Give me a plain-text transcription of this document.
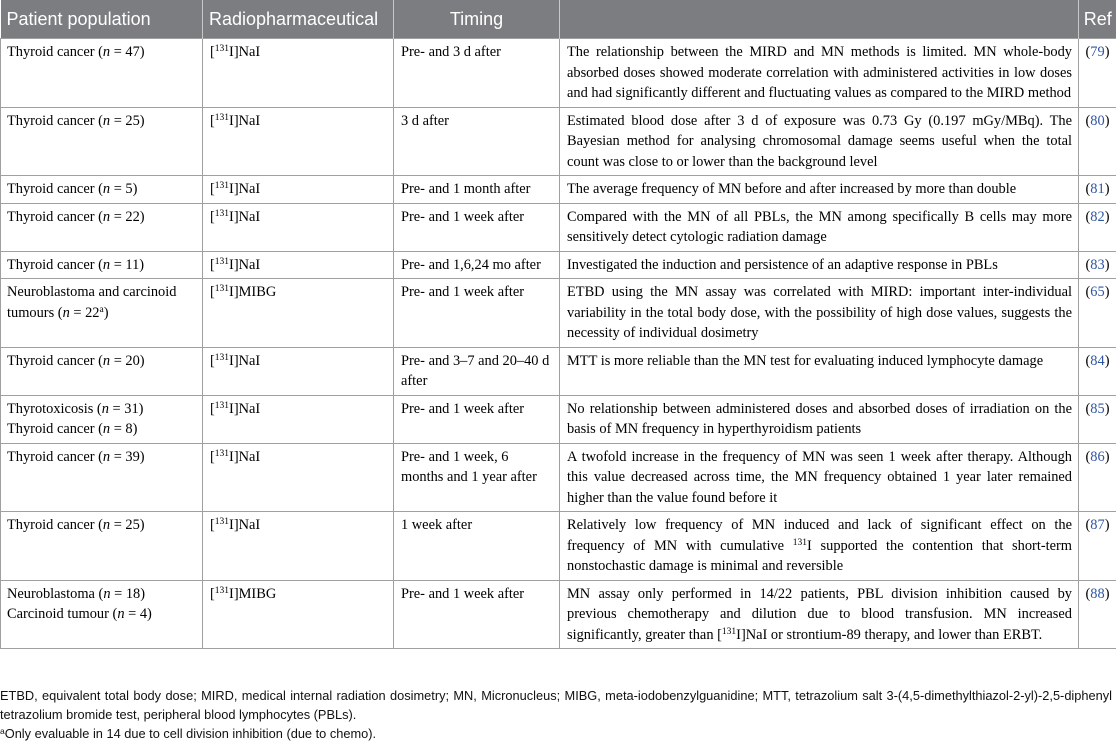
Patient population	Radiopharmaceutical	Timing		Ref

Thyroid cancer (n = 47)	[$^{131}$I]NaI	Pre- and 3 d after	The relationship between the MIRD and MN methods is limited. MN whole-body absorbed doses showed moderate correlation with administered activities in low doses and had significantly different and fluctuating values as compared to the MIRD method	(79)

Thyroid cancer (n = 25)	[$^{131}$I]NaI	3 d after	Estimated blood dose after 3 d of exposure was 0.73 Gy (0.197 mGy/MBq). The Bayesian method for analysing chromosomal damage seems useful when the total count was close to or lower than the background level	(80)

Thyroid cancer (n = 5)	[$^{131}$I]NaI	Pre- and 1 month after	The average frequency of MN before and after increased by more than double	(81)

Thyroid cancer (n = 22)	[$^{131}$I]NaI	Pre- and 1 week after	Compared with the MN of all PBLs, the MN among specifically B cells may more sensitively detect cytologic radiation damage	(82)

Thyroid cancer (n = 11)	[$^{131}$I]NaI	Pre- and 1,6,24 mo after	Investigated the induction and persistence of an adaptive response in PBLs	(83)

Neuroblastoma and carcinoid tumours $(n = 22^a)$	[$^{131}$I]MIBG	Pre- and 1 week after	ETBD using the MN assay was correlated with MIRD: important inter-individual variability in the total body dose, with the possibility of high dose values, suggests the necessity of individual dosimetry	(65)

Thyroid cancer (n = 20)	[$^{131}$I]NaI	Pre- and 3–7 and 20–40 d after	MTT is more reliable than the MN test for evaluating induced lymphocyte damage	(84)

Thyrotoxicosis (n = 31)
Thyroid cancer (n = 8)	[$^{131}$I]NaI	Pre- and 1 week after	No relationship between administered doses and absorbed doses of irradiation on the basis of MN frequency in hyperthyroidism patients	(85)

Thyroid cancer (n = 39)	[$^{131}$I]NaI	Pre- and 1 week, 6 months and 1 year after	A twofold increase in the frequency of MN was seen 1 week after therapy. Although this value decreased across time, the MN frequency obtained 1 year later remained higher than the value found before it	(86)

Thyroid cancer (n = 25)	[$^{131}$I]NaI	1 week after	Relatively low frequency of MN induced and lack of significant effect on the frequency of MN with cumulative $^{131}$I supported the contention that short-term nonstochastic damage is minimal and reversible	(87)

Neuroblastoma (n = 18)
Carcinoid tumour (n = 4)	[$^{131}$I]MIBG	Pre- and 1 week after	MN assay only performed in 14/22 patients, PBL division inhibition caused by previous chemotherapy and dilution due to blood transfusion. MN increased significantly, greater than [$^{131}$I]NaI or strontium-89 therapy, and lower than ERBT.	(88)

ETBD, equivalent total body dose; MIRD, medical internal radiation dosimetry; MN, Micronucleus; MIBG, meta-iodobenzylguanidine; MTT, tetrazolium salt 3-(4,5-dimethylthiazol-2-yl)-2,5-diphenyl tetrazolium bromide test, peripheral blood lymphocytes (PBLs).

$^a$Only evaluable in 14 due to cell division inhibition (due to chemo).
